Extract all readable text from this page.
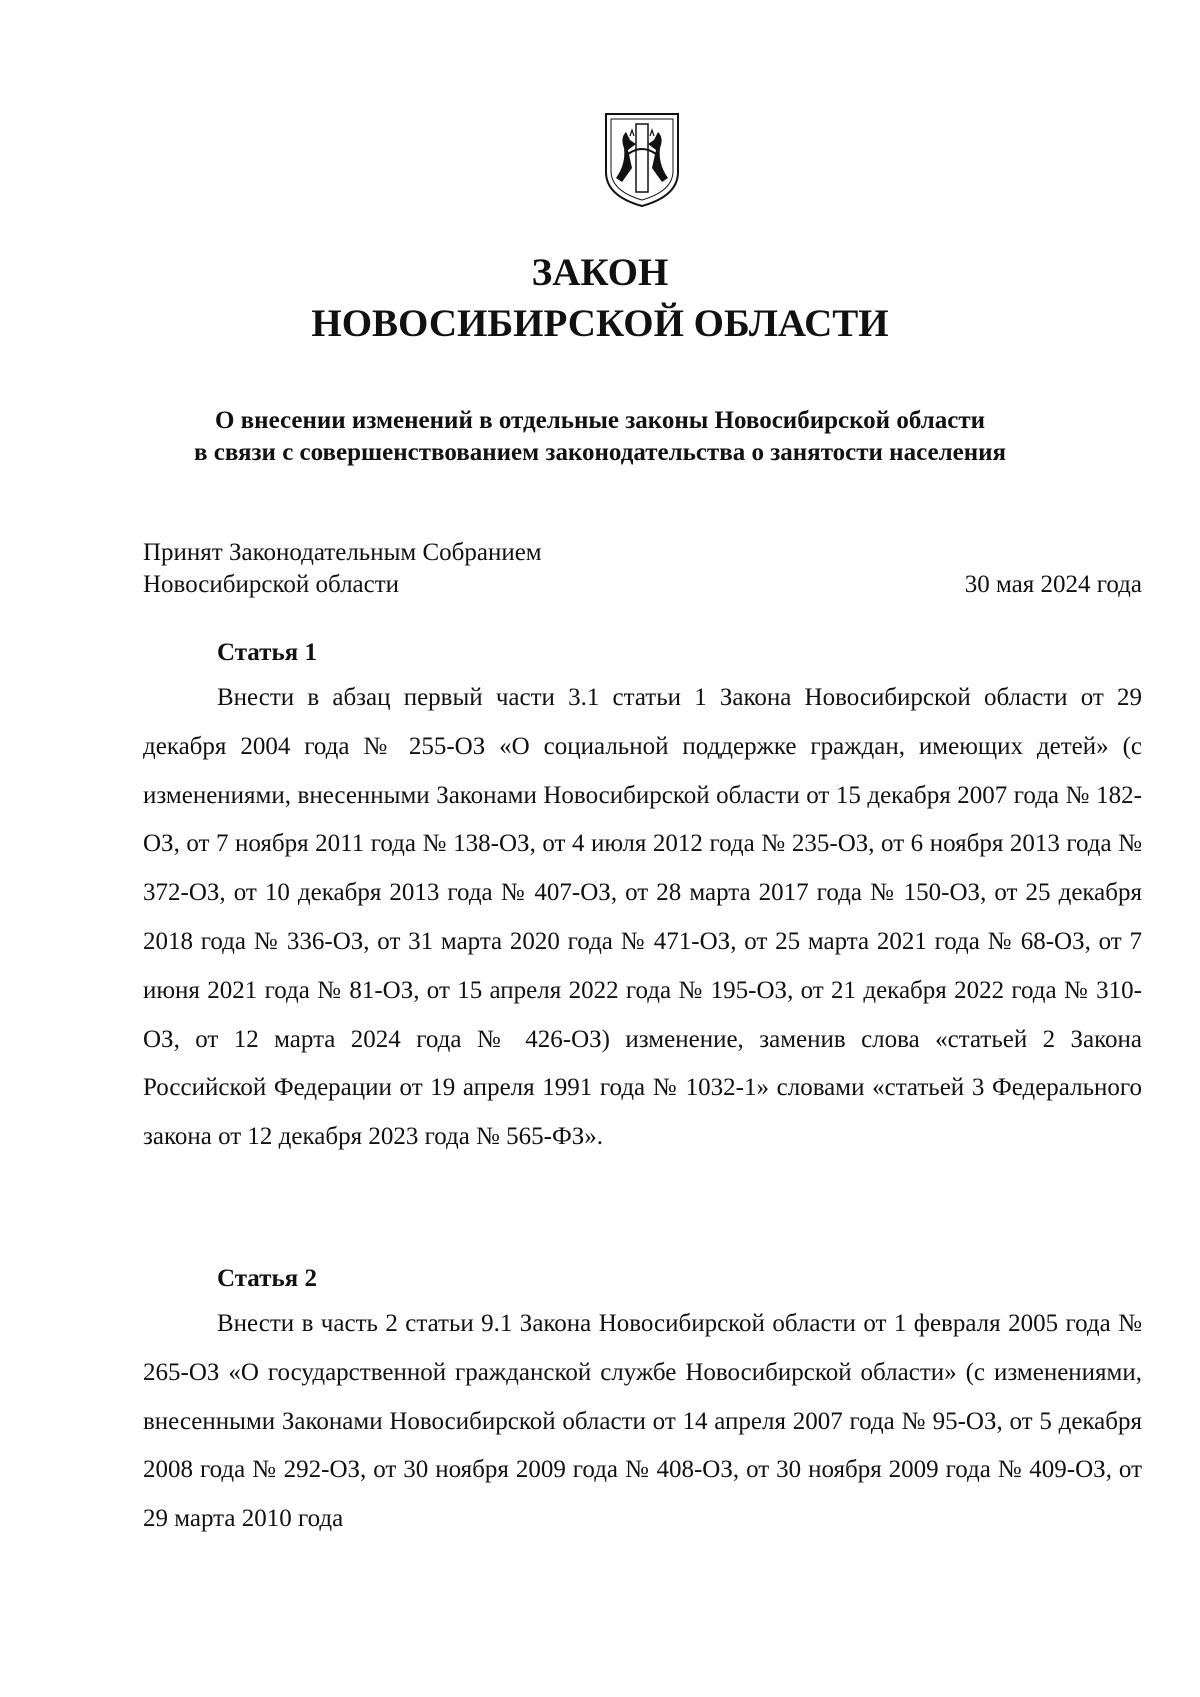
ЗАКОН
НОВОСИБИРСКОЙ ОБЛАСТИ
О внесении изменений в отдельные законы Новосибирской области
в связи с совершенствованием законодательства о занятости населения
Принят Законодательным Собранием
Новосибирской области	30 мая 2024 года
Статья 1

Внести в абзац первый части 3.1 статьи 1 Закона Новосибирской области от 29 декабря 2004 года № 255-ОЗ «О социальной поддержке граждан, имеющих детей» (с изменениями, внесенными Законами Новосибирской области от 15 декабря 2007 года № 182-ОЗ, от 7 ноября 2011 года № 138-ОЗ, от 4 июля 2012 года № 235-ОЗ, от 6 ноября 2013 года № 372-ОЗ, от 10 декабря 2013 года № 407-ОЗ, от 28 марта 2017 года № 150-ОЗ, от 25 декабря 2018 года № 336-ОЗ, от 31 марта 2020 года № 471-ОЗ, от 25 марта 2021 года № 68-ОЗ, от 7 июня 2021 года № 81-ОЗ, от 15 апреля 2022 года № 195-ОЗ, от 21 декабря 2022 года № 310-ОЗ, от 12 марта 2024 года № 426-ОЗ) изменение, заменив слова «статьей 2 Закона Российской Федерации от 19 апреля 1991 года № 1032-1» словами «статьей 3 Федерального закона от 12 декабря 2023 года № 565-ФЗ».

Статья 2

Внести в часть 2 статьи 9.1 Закона Новосибирской области от 1 февраля 2005 года № 265-ОЗ «О государственной гражданской службе Новосибирской области» (с изменениями, внесенными Законами Новосибирской области от 14 апреля 2007 года № 95-ОЗ, от 5 декабря 2008 года № 292-ОЗ, от 30 ноября 2009 года № 408-ОЗ, от 30 ноября 2009 года № 409-ОЗ, от 29 марта 2010 года
